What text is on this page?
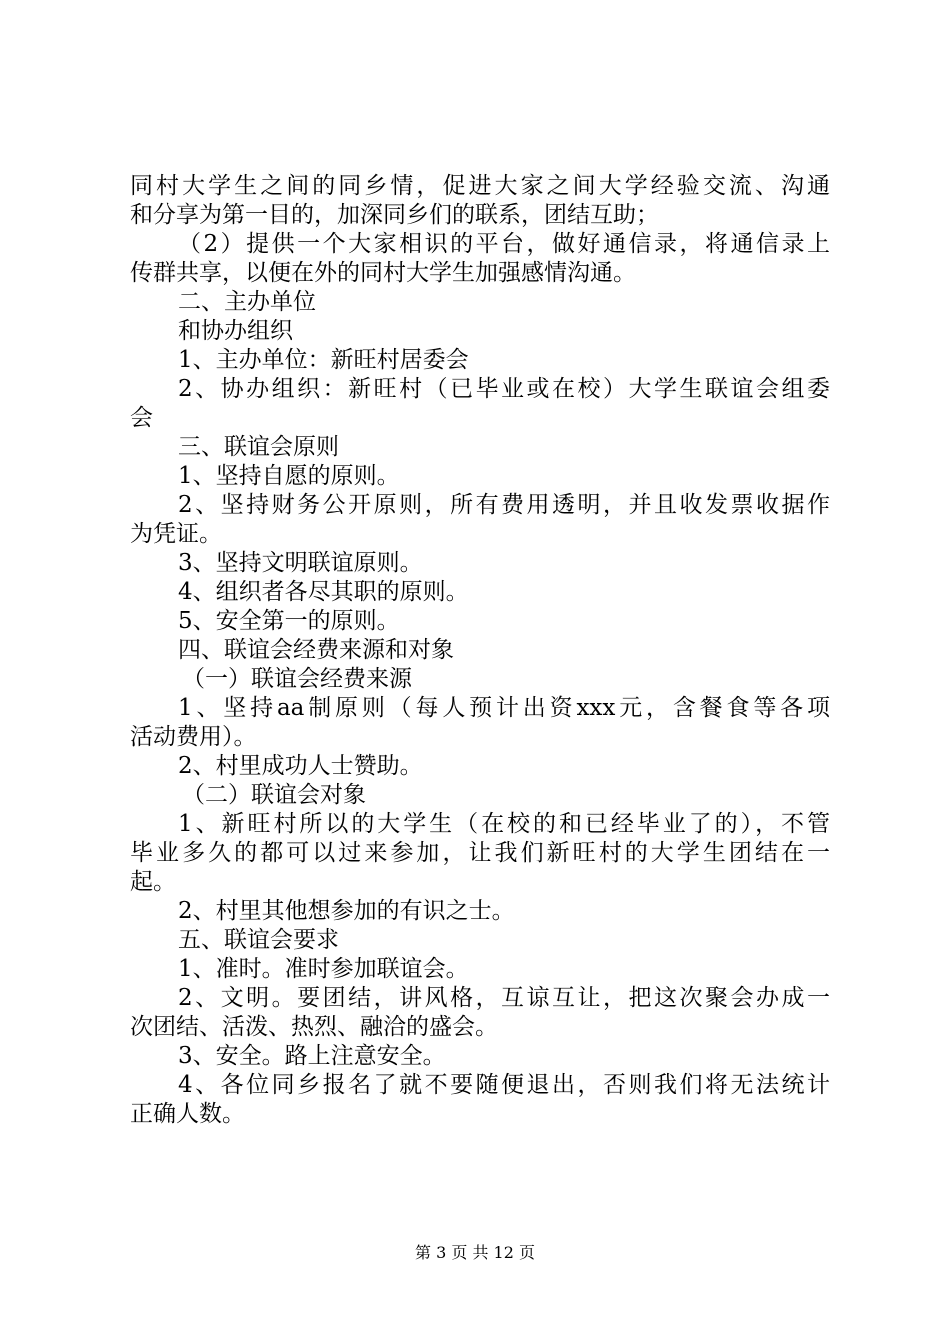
同村大学生之间的同乡情，促进大家之间大学经验交流、沟通
和分享为第一目的，加深同乡们的联系，团结互助；
（2）提供一个大家相识的平台，做好通信录，将通信录上
传群共享，以便在外的同村大学生加强感情沟通。
二、主办单位
和协办组织
1、主办单位：新旺村居委会
2、协办组织：新旺村（已毕业或在校）大学生联谊会组委
会
三、联谊会原则
1、坚持自愿的原则。
2、坚持财务公开原则，所有费用透明，并且收发票收据作
为凭证。
3、坚持文明联谊原则。
4、组织者各尽其职的原则。
5、安全第一的原则。
四、联谊会经费来源和对象
（一）联谊会经费来源
1、坚持aa制原则（每人预计出资xxx元，含餐食等各项
活动费用）。
2、村里成功人士赞助。
（二）联谊会对象
1、新旺村所以的大学生（在校的和已经毕业了的），不管
毕业多久的都可以过来参加，让我们新旺村的大学生团结在一
起。
2、村里其他想参加的有识之士。
五、联谊会要求
1、准时。准时参加联谊会。
2、文明。要团结，讲风格，互谅互让，把这次聚会办成一
次团结、活泼、热烈、融洽的盛会。
3、安全。路上注意安全。
4、各位同乡报名了就不要随便退出，否则我们将无法统计
正确人数。
第 3 页 共 12 页
